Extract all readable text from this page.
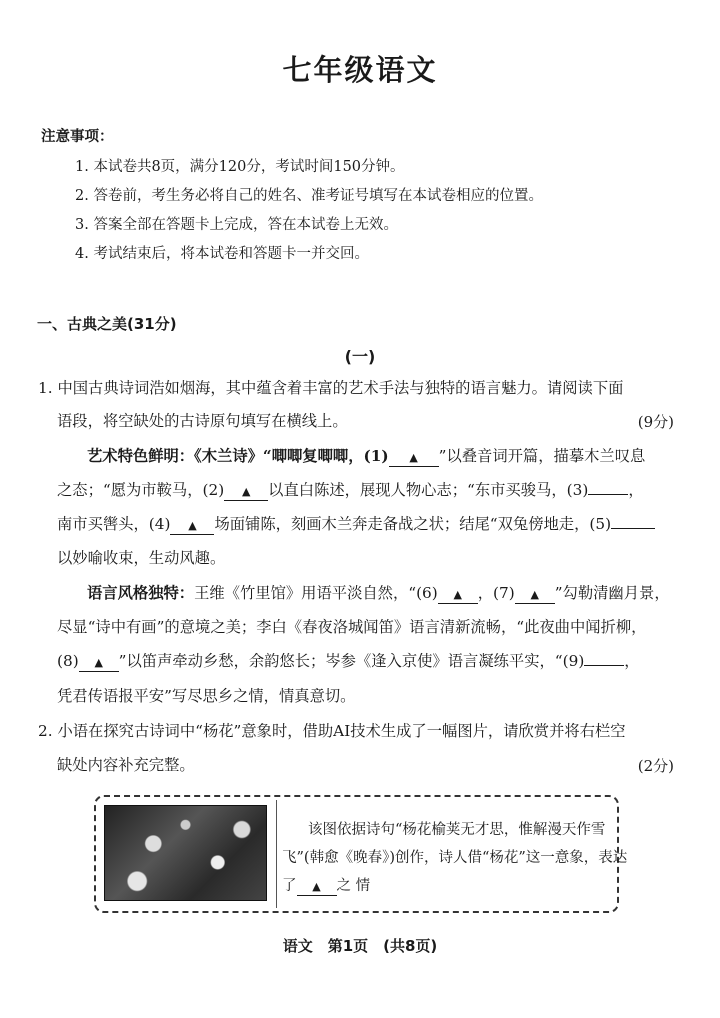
七年级语文
注意事项：
1. 本试卷共8页，满分120分，考试时间150分钟。
2. 答卷前，考生务必将自己的姓名、准考证号填写在本试卷相应的位置。
3. 答案全部在答题卡上完成，答在本试卷上无效。
4. 考试结束后，将本试卷和答题卡一并交回。
一、古典之美(31分)
(一)
1. 中国古典诗词浩如烟海，其中蕴含着丰富的艺术手法与独特的语言魅力。请阅读下面
语段，将空缺处的古诗原句填写在横线上。	(9分)
艺术特色鲜明：《木兰诗》“唧唧复唧唧，(1) ▲ ”以叠音词开篇，描摹木兰叹息
之态；“愿为市鞍马，(2) ▲ 以直白陈述，展现人物心志；“东市买骏马，(3)	，
南市买辔头，(4) ▲ 场面铺陈，刻画木兰奔走备战之状；结尾“双兔傍地走，(5)
以妙喻收束，生动风趣。
语言风格独特：王维《竹里馆》用语平淡自然，“(6) ▲ ，(7) ▲ ”勾勒清幽月景，
尽显“诗中有画”的意境之美；李白《春夜洛城闻笛》语言清新流畅，“此夜曲中闻折柳，
(8) ▲ ”以笛声牵动乡愁，余韵悠长；岑参《逢入京使》语言凝练平实，“(9)	，
凭君传语报平安”写尽思乡之情，情真意切。
2. 小语在探究古诗词中“杨花”意象时，借助AI技术生成了一幅图片，请欣赏并将右栏空
缺处内容补充完整。	(2分)
该图依据诗句“杨花榆荚无才思，惟解漫天作雪
飞”(韩愈《晚春》)创作，诗人借“杨花”这一意象，表达
了 ▲ 之 情
语文　第1页　(共8页)
